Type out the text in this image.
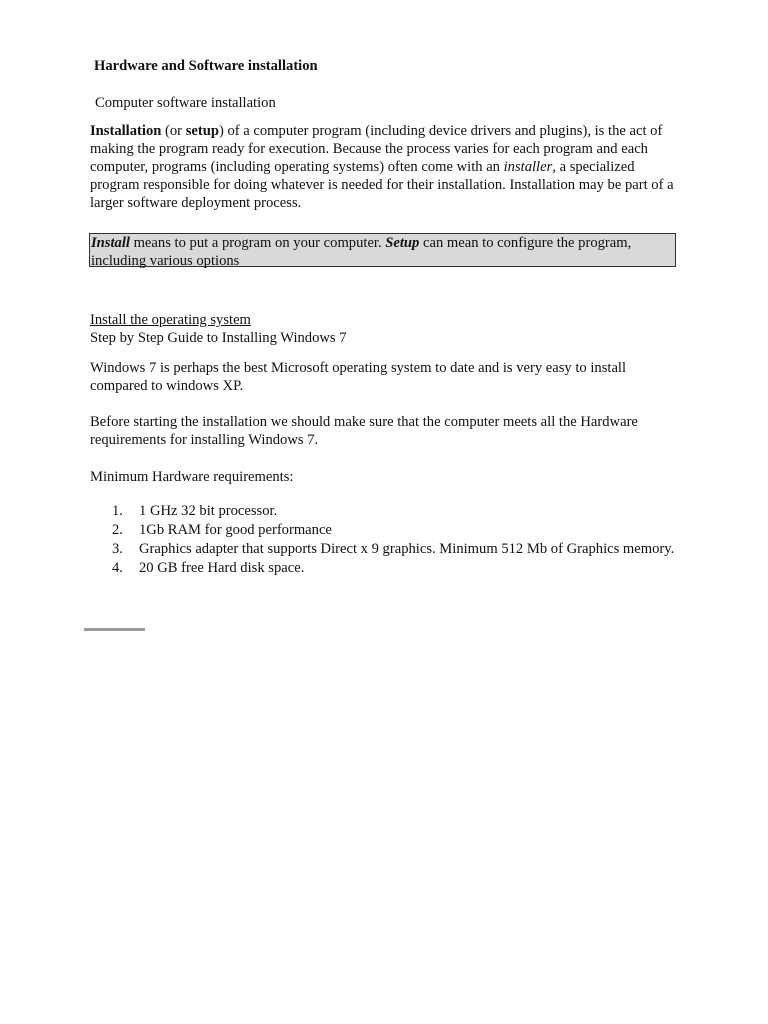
Hardware and Software installation
Computer software installation
Installation (or setup) of a computer program (including device drivers and plugins), is the act of making the program ready for execution. Because the process varies for each program and each computer, programs (including operating systems) often come with an installer, a specialized program responsible for doing whatever is needed for their installation. Installation may be part of a larger software deployment process.
Install means to put a program on your computer. Setup can mean to configure the program, including various options
Install the operating system
Step by Step Guide to Installing Windows 7
Windows 7 is perhaps the best Microsoft operating system to date and is very easy to install compared to windows XP.
Before starting the installation we should make sure that the computer meets all the Hardware requirements for installing Windows 7.
Minimum Hardware requirements:
1. 1 GHz 32 bit processor.
2. 1Gb RAM for good performance
3. Graphics adapter that supports Direct x 9 graphics. Minimum 512 Mb of Graphics memory.
4. 20 GB free Hard disk space.
